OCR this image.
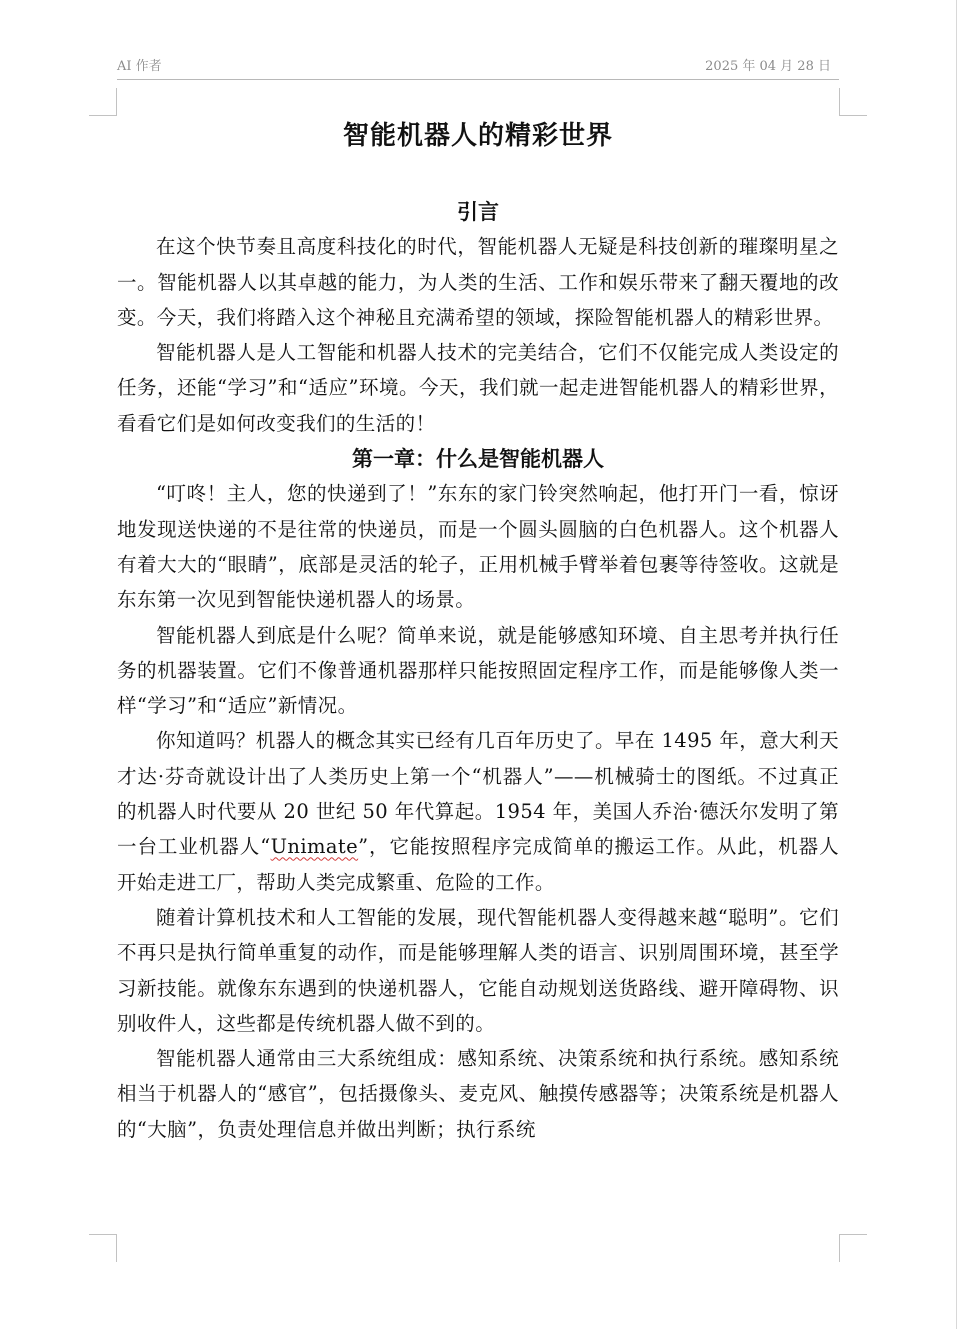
AI 作者	2025 年 04 月 28 日
智能机器人的精彩世界
引言

在这个快节奏且高度科技化的时代，智能机器人无疑是科技创新的璀璨明星之一。智能机器人以其卓越的能力，为人类的生活、工作和娱乐带来了翻天覆地的改变。今天，我们将踏入这个神秘且充满希望的领域，探险智能机器人的精彩世界。

智能机器人是人工智能和机器人技术的完美结合，它们不仅能完成人类设定的任务，还能“学习”和“适应”环境。今天，我们就一起走进智能机器人的精彩世界，看看它们是如何改变我们的生活的！

第一章：什么是智能机器人

“叮咚！主人，您的快递到了！”东东的家门铃突然响起，他打开门一看，惊讶地发现送快递的不是往常的快递员，而是一个圆头圆脑的白色机器人。这个机器人有着大大的“眼睛”，底部是灵活的轮子，正用机械手臂举着包裹等待签收。这就是东东第一次见到智能快递机器人的场景。

智能机器人到底是什么呢？简单来说，就是能够感知环境、自主思考并执行任务的机器装置。它们不像普通机器那样只能按照固定程序工作，而是能够像人类一样“学习”和“适应”新情况。

你知道吗？机器人的概念其实已经有几百年历史了。早在 1495 年，意大利天才达·芬奇就设计出了人类历史上第一个“机器人”——机械骑士的图纸。不过真正的机器人时代要从 20 世纪 50 年代算起。1954 年，美国人乔治·德沃尔发明了第一台工业机器人“Unimate”，它能按照程序完成简单的搬运工作。从此，机器人开始走进工厂，帮助人类完成繁重、危险的工作。

随着计算机技术和人工智能的发展，现代智能机器人变得越来越“聪明”。它们不再只是执行简单重复的动作，而是能够理解人类的语言、识别周围环境，甚至学习新技能。就像东东遇到的快递机器人，它能自动规划送货路线、避开障碍物、识别收件人，这些都是传统机器人做不到的。

智能机器人通常由三大系统组成：感知系统、决策系统和执行系统。感知系统相当于机器人的“感官”，包括摄像头、麦克风、触摸传感器等；决策系统是机器人的“大脑”，负责处理信息并做出判断；执行系统
